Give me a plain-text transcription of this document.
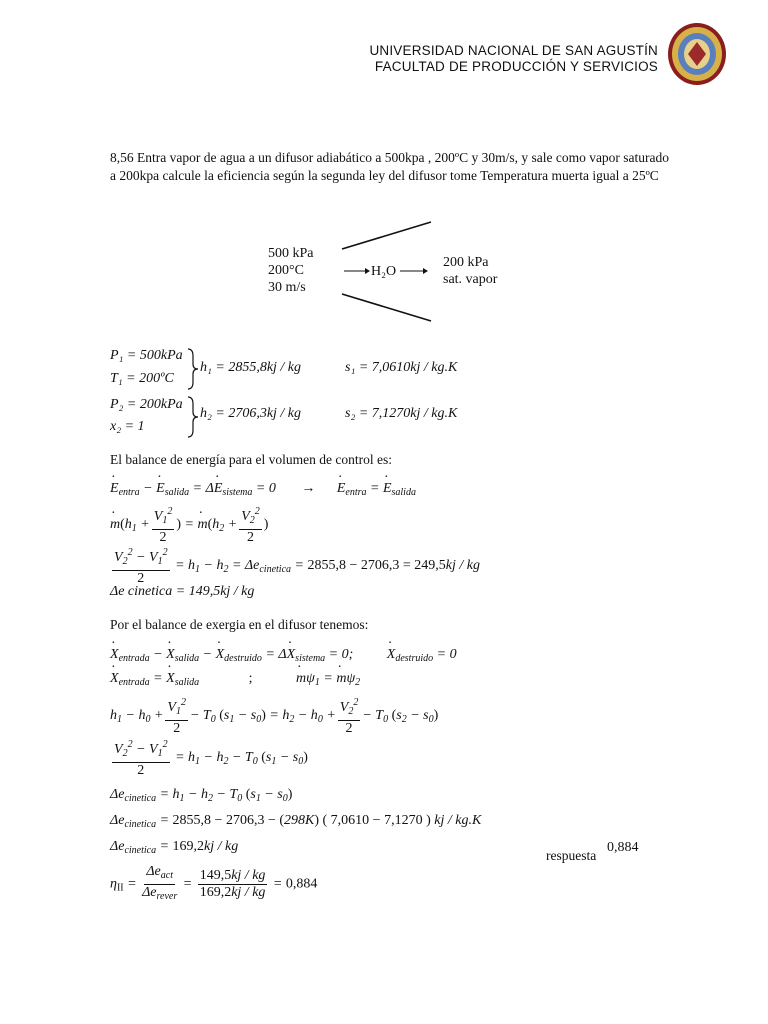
UNIVERSIDAD NACIONAL DE SAN AGUSTÍN
FACULTAD DE PRODUCCIÓN Y SERVICIOS
8,56 Entra vapor de agua a un difusor adiabático a 500kpa , 200ºC y 30m/s, y sale como vapor saturado a 200kpa calcule la eficiencia según la segunda ley del difusor tome Temperatura muerta igual a 25ºC
500 kPa
200°C
30 m/s
H₂O
200 kPa
sat. vapor
P₁ = 500kPa
T₁ = 200ºC
h₁ = 2855,8kj / kg	s₁ = 7,0610kj / kg.K
P₂ = 200kPa
x₂ = 1
h₂ = 2706,3kj / kg	s₂ = 7,1270kj / kg.K
El balance de energía para el volumen de control es:
· $E_{entra}$ − · $E_{salida} = \Delta\cdot E_{sistema} = 0$ → · $E_{entra}$ = · $E_{salida}$
· $m(h_1 + \frac{V_1^2}{2}$ ) = · $m(h_2 + \frac{V_2^2}{2}$ )
$\frac{V_2^2 - V_1^2}{2} = h_1 - h_2 = \Delta e_{cinetica} = 2855,8 - 2706,3 = 249,5kj$ / kg
Δe cinetica = 149,5kj / kg
Por el balance de exergia en el difusor tenemos:
· $X_{entrada}$ − · $X_{salida}$ − · $X_{destruido} = \Delta\cdot X_{sistema} = 0$; · $X_{destruido} = 0$
· $X_{entrada}$ = · $X_{salida}$	;	· $m\psi_1$ = · $m\psi_2$
$h_1 - h_0 + \frac{V_1^2}{2} - T_0$ $(s_1 - s_0) = h_2 - h_0 + \frac{V_2^2}{2} - T_0$ $(s_2 - s_0)$
$\frac{V_2^2 - V_1^2}{2} = h_1 - h_2 - T_0$ $(s_1 - s_0)$
$\Delta e_{cinetica} = h_1 - h_2 - T_0$ $(s_1 - s_0)$
$\Delta e_{cinetica} = 2855,8 - 2706,3 - (298K)$ ( 7,0610 − 7,1270 ) kj / kg.K
$\Delta e_{cinetica} = 169,2kj$ / kg
respuesta
0,884
$\eta_{II} = \frac{\Delta e_{act}}{\Delta e_{rever}} = \frac{149,5kj / kg}{169,2kj / kg} = 0,884$
